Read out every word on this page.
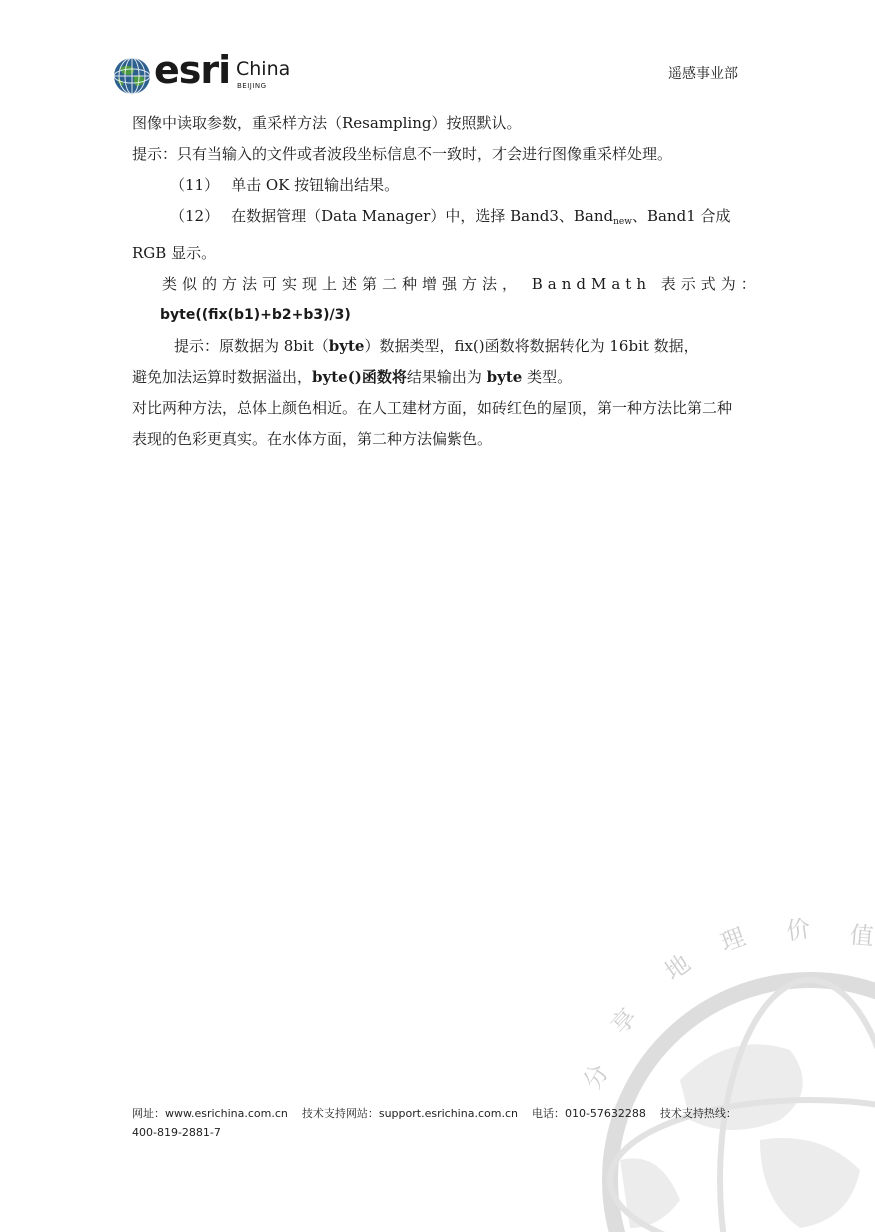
esri China
BEIJING
遥感事业部

图像中读取参数，重采样方法（Resampling）按照默认。

提示：只有当输入的文件或者波段坐标信息不一致时，才会进行图像重采样处理。

（11） 单击 OK 按钮输出结果。

（12） 在数据管理（Data Manager）中，选择 Band3、Band$_{new}$、Band1 合成

RGB 显示。

类似的方法可实现上述第二种增强方法， BandMath 表示式为：

byte((fix(b1)+b2+b3)/3)

提示：原数据为 8bit（byte）数据类型，fix()函数将数据转化为 16bit 数据，

避免加法运算时数据溢出，byte()函数将结果输出为 byte 类型。

对比两种方法，总体上颜色相近。在人工建材方面，如砖红色的屋顶，第一种方法比第二种表现的色彩更真实。在水体方面，第二种方法偏紫色。

分
享
地
理 价 值
网址：www.esrichina.com.cn 技术支持网站：support.esrichina.com.cn 电话：010-57632288 技术支持热线：400-819-2881-7
